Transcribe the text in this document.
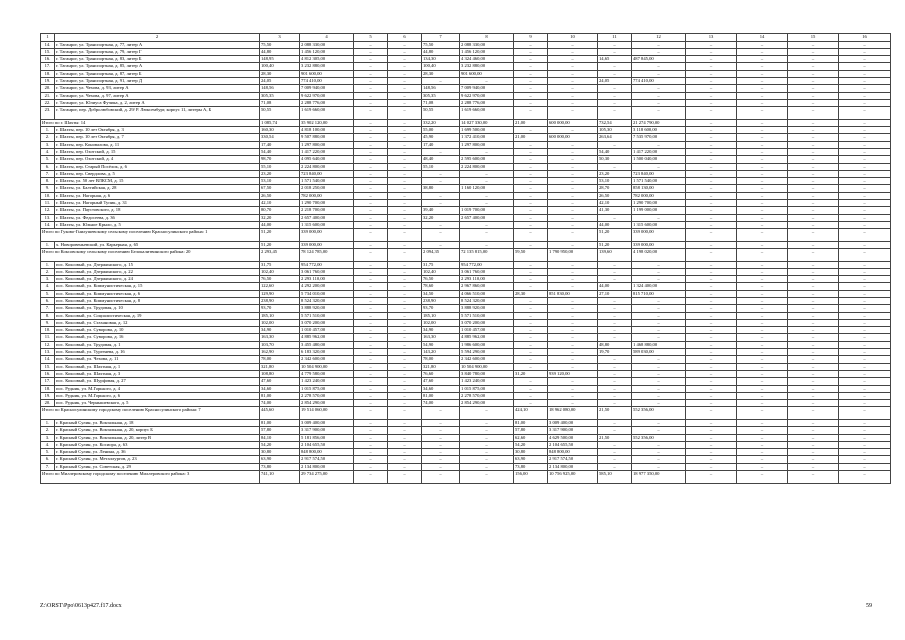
1	2	3	4	5	6	7	8	9	10	11	12	13	14	15	16
14.	г. Таганрог, ул. Транспортная, д. 77, литер А	75,50	2 088 330,00	–	–	75,50	2 088 330,00	–	–	–	–	–	–	–	–
15.	г. Таганрог, ул. Транспортная, д. 79, литер Г	44,80	1 456 120,00	–	–	44,80	1 456 120,00	–	–	–	–	–	–	–	–
16.	г. Таганрог, ул. Транспортная, д. 83, литер Б	148,95	4 812 305,00	–	–	134,30	4 324 460,00	–	–	14,65	487 845,00	–	–	–	–
17.	г. Таганрог, ул. Транспортная, д. 85, литер А	100,40	3 232 880,00	–	–	100,40	3 232 880,00	–	–	–	–	–	–	–	–
18.	г. Таганрог, ул. Транспортная, д. 87, литер Б	28,30	901 600,00	–	–	28,30	901 600,00	–	–	–	–	–	–	–	–
19.	г. Таганрог, ул. Транспортная, д. 91, литер Д	24,05	774 410,00	–	–	–	–	–	–	24,05	774 410,00	–	–	–	–
20.	г. Таганрог, ул. Чехова, д. 93, литер А	148,56	7 009 940,00	–	–	148,56	7 009 940,00	–	–	–	–	–	–	–	–
21.	г. Таганрог, ул. Чехова, д. 97, литер А	305,35	9 622 970,00	–	–	305,35	9 622 970,00	–	–	–	–	–	–	–	–
22.	г. Таганрог, ул. Юлиуса Фучика, д. 2, литер А	71,08	2 288 776,00	–	–	71,08	2 288 776,00	–	–	–	–	–	–	–	–
23.	г. Таганрог, пер. Добролюбовский, д. 29/ Р. Люксембург, корпус 11, литеры А, Б	50,55	1 619 660,00	–	–	50,55	1 619 660,00	–	–	–	–	–	–	–	–
Итого по г. Шахты: 14		1 085,74	35 902 120,00	–	–	332,20	14 027 330,00	21,00	600 000,00	732,54	21 274 790,00	–	–	–	–
1.	г. Шахты, пер. 10 лет Октября, д. 3	160,30	4 818 100,00	–	–	55,00	1 699 500,00	–	–	105,30	3 118 600,00	–	–	–	–
2.	г. Шахты, пер. 10 лет Октября, д. 7	330,54	9 507 880,00	–	–	45,90	1 372 410,00	21,00	600 000,00	263,64	7 535 970,00	–	–	–	–
3.	г. Шахты, пер. Коновалова, д. 11	17,40	1 297 800,00	–	–	17,40	1 297 800,00	–	–	–	–	–	–	–	–
4.	г. Шахты, пер. Охотский, д. 15	54,40	1 417 220,00	–	–	–	–	–	–	54,40	1 417 220,00	–	–	–	–
5.	г. Шахты, пер. Охотский, д. 4	98,70	4 095 640,00	–	–	48,40	2 595 600,00	–	–	50,30	1 500 040,00	–	–	–	–
6.	г. Шахты, пер. Старый Посёлок, д. 6	55,10	2 224 800,00	–	–	55,10	2 224 800,00	–	–	–	–	–	–	–	–
7.	г. Шахты, пер. Свердлова, д. 5	23,20	723 840,00	–	–	–	–	–	–	23,20	723 840,00	–	–	–	–
8.	г. Шахты, ул. 50 лет ВЛКСМ, д. 15	53,10	1 571 540,00	–	–	–	–	–	–	53,10	1 571 540,00	–	–	–	–
9.	г. Шахты, ул. Балтийская, д. 28	67,50	2 018 250,00	–	–	38,80	1 160 120,00	–	–	28,70	858 130,00	–	–	–	–
10.	г. Шахты, ул. Нагорная, д. 6	26,50	782 000,00	–	–	–	–	–	–	26,50	782 000,00	–	–	–	–
11.	г. Шахты, ул. Нагорный Тупик, д. 31	42,10	1 290 700,00	–	–	–	–	–	–	42,10	1 290 700,00	–	–	–	–
12.	г. Шахты, ул. Паустовского, д. 18	80,70	2 218 700,00	–	–	39,40	1 019 700,00	–	–	41,30	1 199 000,00	–	–	–	–
13.	г. Шахты, ул. Федосеева, д. 36	32,20	2 657 400,00	–	–	32,20	2 657 400,00	–	–	–	–	–	–	–	–
14.	г. Шахты, ул. Южное Крыло, д. 5	44,00	1 315 600,00	–	–	–	–	–	–	44,00	1 315 600,00	–	–	–	–
Итого по Гуково-Гнилушевскому сельскому поселению Красносулинского района: 1		51,20	339 000,00	–	–	–	–	–	–	51,20	339 000,00	–	–	–	–
1.	х. Новоровеньевский, ул. Карьерная, д. 65	51,20	339 000,00	–	–	–	–	–	–	51,20	339 000,00	–	–	–	–
Итого по Коксовскому сельскому поселению Белокалитвинского района: 20		2 293,45	78 124 785,00	–	–	2 094,35	72 135 815,00	59,50	1 790 950,00	139,60	4 198 020,00	–	–	–	–
1.	пос. Коксовый, ул. Дзержинского, д. 15	31,75	954 772,00	–	–	31,75	954 772,00	–	–	–	–	–	–	–	–
2.	пос. Коксовый, ул. Дзержинского, д. 22	102,40	3 061 760,00	–	–	102,40	3 061 760,00	–	–	–	–	–	–	–	–
3.	пос. Коксовый, ул. Дзержинского, д. 24	76,50	2 293 110,00	–	–	76,50	2 293 110,00	–	–	–	–	–	–	–	–
4.	пос. Коксовый, ул. Коммунистическая, д. 15	122,60	4 292 200,00	–	–	78,60	2 967 860,00	–	–	44,00	1 324 400,00	–	–	–	–
5.	пос. Коксовый, ул. Коммунистическая, д. 6	129,90	5 734 010,00	–	–	34,50	4 066 510,00	28,30	851 830,00	27,10	815 710,00	–	–	–	–
6.	пос. Коксовый, ул. Коммунистическая, д. 8	238,90	8 524 320,00	–	–	238,90	8 524 320,00	–	–	–	–	–	–	–	–
7.	пос. Коксовый, ул. Трудовая, д. 10	93,70	3 888 920,00	–	–	93,70	3 888 920,00	–	–	–	–	–	–	–	–
8.	пос. Коксовый, ул. Социалистическая, д. 19	185,10	5 571 510,00	–	–	185,10	5 571 510,00	–	–	–	–	–	–	–	–
9.	пос. Коксовый, ул. Стахановая, д. 12	102,00	3 070 200,00	–	–	102,00	3 070 200,00	–	–	–	–	–	–	–	–
10.	пос. Коксовый, ул. Суворова, д. 10	34,90	1 010 457,00	–	–	34,90	1 010 457,00	–	–	–	–	–	–	–	–
11.	пос. Коксовый, ул. Суворова, д. 16	163,30	4 885 962,00	–	–	163,30	4 885 962,00	–	–	–	–	–	–	–	–
12.	пос. Коксовый, ул. Трудовая, д. 1	103,70	3 455 480,00	–	–	54,90	1 986 600,00	–	–	48,80	1 468 880,00	–	–	–	–
13.	пос. Коксовый, ул. Тургенева, д. 16	162,90	6 183 320,00	–	–	143,20	5 594 290,00	–	–	19,70	589 030,00	–	–	–	–
14.	пос. Коксовый, ул. Чехова, д. 11	78,00	2 342 600,00	–	–	78,00	2 342 600,00	–	–	–	–	–	–	–	–
15.	пос. Коксовый, ул. Шахтная, д. 1	321,80	10 504 900,00	–	–	321,80	10 504 900,00	–	–	–	–	–	–	–	–
16.	пос. Коксовый, ул. Шахтная, д. 3	108,80	4 779 580,00	–	–	76,60	3 840 780,00	31,20	939 120,00	–	–	–	–	–	–
17.	пос. Коксовый, ул. Шурфовая, д. 27	47,60	1 423 240,00	–	–	47,60	1 423 240,00	–	–	–	–	–	–	–	–
18.	пос. Рудник, ул. М.Горького, д. 4	34,60	1 015 875,00	–	–	34,60	1 015 875,00	–	–	–	–	–	–	–	–
19.	пос. Рудник, ул. М.Горького, д. 6	81,00	2 278 570,00	–	–	81,00	2 278 570,00	–	–	–	–	–	–	–	–
20.	пос. Рудник, ул. Чернышевского, д. 5	74,00	2 854 290,00	–	–	74,00	2 854 290,00	–	–	–	–	–	–	–	–
Итого по Красносулинскому городскому поселению Красносулинского района: 7		445,60	19 514 060,00	–	–	–	–	424,10	18 962 080,00	21,50	552 356,00	–	–	–	–
1.	г. Красный Сулин, ул. Вокзальная, д. 18	81,00	3 009 400,00	–	–	–	–	81,00	3 009 400,00	–	–	–	–	–	–
2.	г. Красный Сулин, ул. Вокзальная, д. 20, корпус Б	57,80	3 317 900,00	–	–	–	–	57,80	3 317 900,00	–	–	–	–	–	–
3.	г. Красный Сулин, ул. Вокзальная, д. 20, литер В	84,10	5 181 856,00	–	–	–	–	62,60	4 629 500,00	21,50	552 356,00	–	–	–	–
4.	г. Красный Сулин, ул. Косиора, д. 63	54,20	2 104 655,50	–	–	–	–	54,20	2 104 655,50	–	–	–	–	–	–
5.	г. Красный Сулин, ул. Ленина, д. 36	30,80	848 800,00	–	–	–	–	30,80	848 800,00	–	–	–	–	–	–
6.	г. Красный Сулин, ул. Металлургов, д. 23	63,90	2 917 574,50	–	–	–	–	63,90	2 917 574,50	–	–	–	–	–	–
7.	г. Красный Сулин, ул. Советская, д. 29	73,80	2 134 800,00	–	–	–	–	73,80	2 134 800,00	–	–	–	–	–	–
Итого по Миллеровскому городскому поселению Миллеровского района: 3		741,10	29 734 275,00	–	–	–	–	156,00	10 756 925,00	585,10	18 977 350,00	–	–	–	–
Z:\ORST\Ppo\0613p427.f17.docx	59
